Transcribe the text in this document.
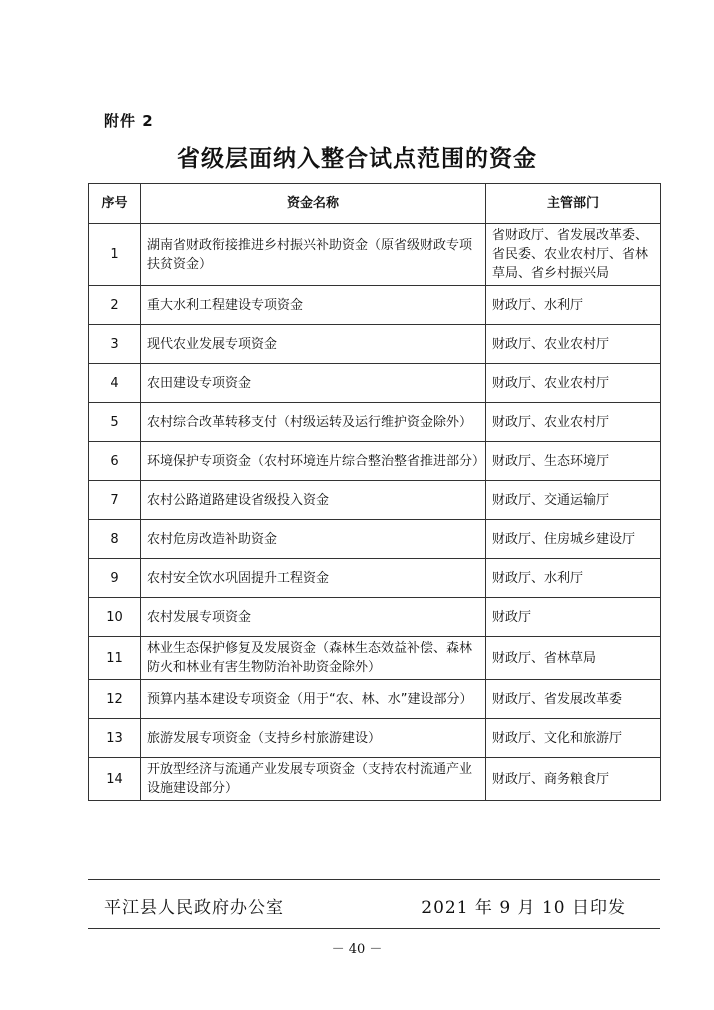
附件 2
省级层面纳入整合试点范围的资金
序号	资金名称	主管部门
1	湖南省财政衔接推进乡村振兴补助资金（原省级财政专项扶贫资金）	省财政厅、省发展改革委、省民委、农业农村厅、省林草局、省乡村振兴局
2	重大水利工程建设专项资金	财政厅、水利厅
3	现代农业发展专项资金	财政厅、农业农村厅
4	农田建设专项资金	财政厅、农业农村厅
5	农村综合改革转移支付（村级运转及运行维护资金除外）	财政厅、农业农村厅
6	环境保护专项资金（农村环境连片综合整治整省推进部分）	财政厅、生态环境厅
7	农村公路道路建设省级投入资金	财政厅、交通运输厅
8	农村危房改造补助资金	财政厅、住房城乡建设厅
9	农村安全饮水巩固提升工程资金	财政厅、水利厅
10	农村发展专项资金	财政厅
11	林业生态保护修复及发展资金（森林生态效益补偿、森林防火和林业有害生物防治补助资金除外）	财政厅、省林草局
12	预算内基本建设专项资金（用于“农、林、水”建设部分）	财政厅、省发展改革委
13	旅游发展专项资金（支持乡村旅游建设）	财政厅、文化和旅游厅
14	开放型经济与流通产业发展专项资金（支持农村流通产业设施建设部分）	财政厅、商务粮食厅
平江县人民政府办公室	2021 年 9 月 10 日印发
－ 40 －
